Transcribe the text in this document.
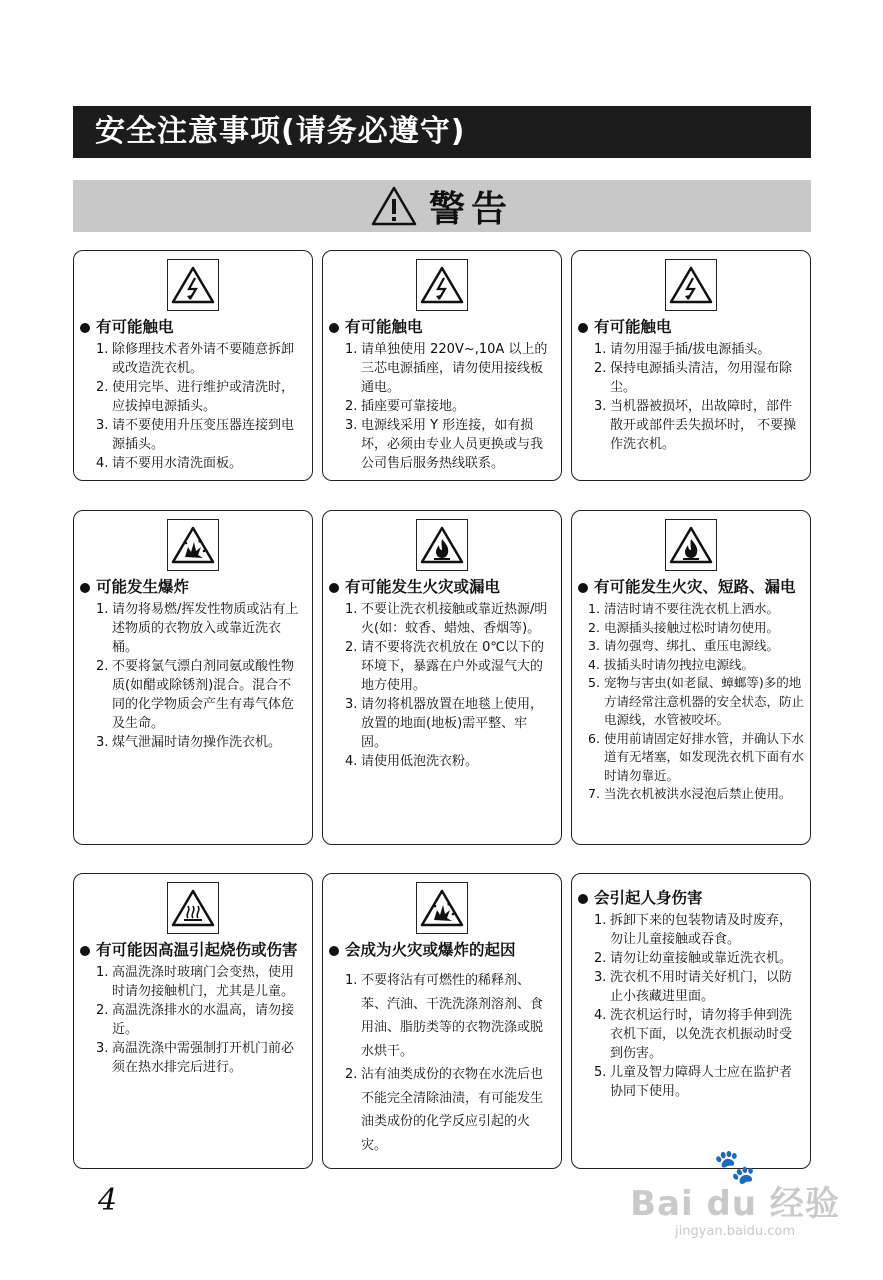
安全注意事项(请务必遵守)
警告
有可能触电
1. 除修理技术者外请不要随意拆卸或改造洗衣机。
2. 使用完毕、进行维护或清洗时，应拔掉电源插头。
3. 请不要使用升压变压器连接到电源插头。
4. 请不要用水清洗面板。
有可能触电
1. 请单独使用 220V~,10A 以上的三芯电源插座，请勿使用接线板通电。
2. 插座要可靠接地。
3. 电源线采用 Y 形连接，如有损坏，必须由专业人员更换或与我公司售后服务热线联系。
有可能触电
1. 请勿用湿手插/拔电源插头。
2. 保持电源插头清洁，勿用湿布除尘。
3. 当机器被损坏，出故障时，部件散开或部件丢失损坏时， 不要操作洗衣机。
可能发生爆炸
1. 请勿将易燃/挥发性物质或沾有上述物质的衣物放入或靠近洗衣桶。
2. 不要将氯气漂白剂同氨或酸性物质(如醋或除锈剂)混合。混合不同的化学物质会产生有毒气体危及生命。
3. 煤气泄漏时请勿操作洗衣机。
有可能发生火灾或漏电
1. 不要让洗衣机接触或靠近热源/明火(如：蚊香、蜡烛、香烟等)。
2. 请不要将洗衣机放在 0℃以下的环境下，暴露在户外或湿气大的地方使用。
3. 请勿将机器放置在地毯上使用，放置的地面(地板)需平整、牢固。
4. 请使用低泡洗衣粉。
有可能发生火灾、短路、漏电
1. 清洁时请不要往洗衣机上洒水。
2. 电源插头接触过松时请勿使用。
3. 请勿强弯、绑扎、重压电源线。
4. 拔插头时请勿拽拉电源线。
5. 宠物与害虫(如老鼠、蟑螂等)多的地方请经常注意机器的安全状态，防止电源线，水管被咬坏。
6. 使用前请固定好排水管，并确认下水道有无堵塞，如发现洗衣机下面有水时请勿靠近。
7. 当洗衣机被洪水浸泡后禁止使用。
有可能因高温引起烧伤或伤害
1. 高温洗涤时玻璃门会变热，使用时请勿接触机门，尤其是儿童。
2. 高温洗涤排水的水温高，请勿接近。
3. 高温洗涤中需强制打开机门前必须在热水排完后进行。
会成为火灾或爆炸的起因
1. 不要将沾有可燃性的稀释剂、苯、汽油、干洗洗涤剂溶剂、食用油、脂肪类等的衣物洗涤或脱水烘干。
2. 沾有油类成份的衣物在水洗后也不能完全清除油渍，有可能发生油类成份的化学反应引起的火灾。
会引起人身伤害
1. 拆卸下来的包装物请及时废弃，勿让儿童接触或吞食。
2. 请勿让幼童接触或靠近洗衣机。
3. 洗衣机不用时请关好机门，以防止小孩藏进里面。
4. 洗衣机运行时，请勿将手伸到洗衣机下面，以免洗衣机振动时受到伤害。
5. 儿童及智力障碍人士应在监护者协同下使用。
4
🐾
Bai du 经验
jingyan.baidu.com
